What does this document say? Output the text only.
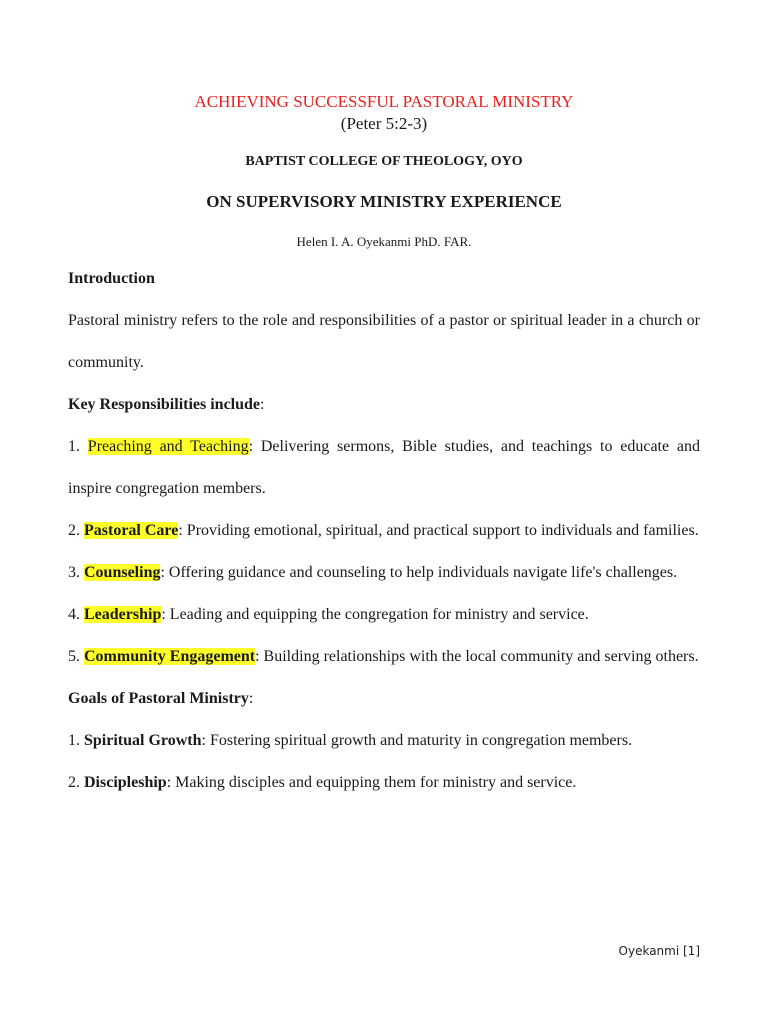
ACHIEVING SUCCESSFUL PASTORAL MINISTRY
(Peter 5:2-3)
BAPTIST COLLEGE OF THEOLOGY, OYO
ON SUPERVISORY MINISTRY EXPERIENCE
Helen I. A. Oyekanmi PhD. FAR.
Introduction
Pastoral ministry refers to the role and responsibilities of a pastor or spiritual leader in a church or community.
Key Responsibilities include:
1. Preaching and Teaching: Delivering sermons, Bible studies, and teachings to educate and inspire congregation members.
2. Pastoral Care: Providing emotional, spiritual, and practical support to individuals and families.
3. Counseling: Offering guidance and counseling to help individuals navigate life's challenges.
4. Leadership: Leading and equipping the congregation for ministry and service.
5. Community Engagement: Building relationships with the local community and serving others.
Goals of Pastoral Ministry:
1. Spiritual Growth: Fostering spiritual growth and maturity in congregation members.
2. Discipleship: Making disciples and equipping them for ministry and service.
Oyekanmi [1]
